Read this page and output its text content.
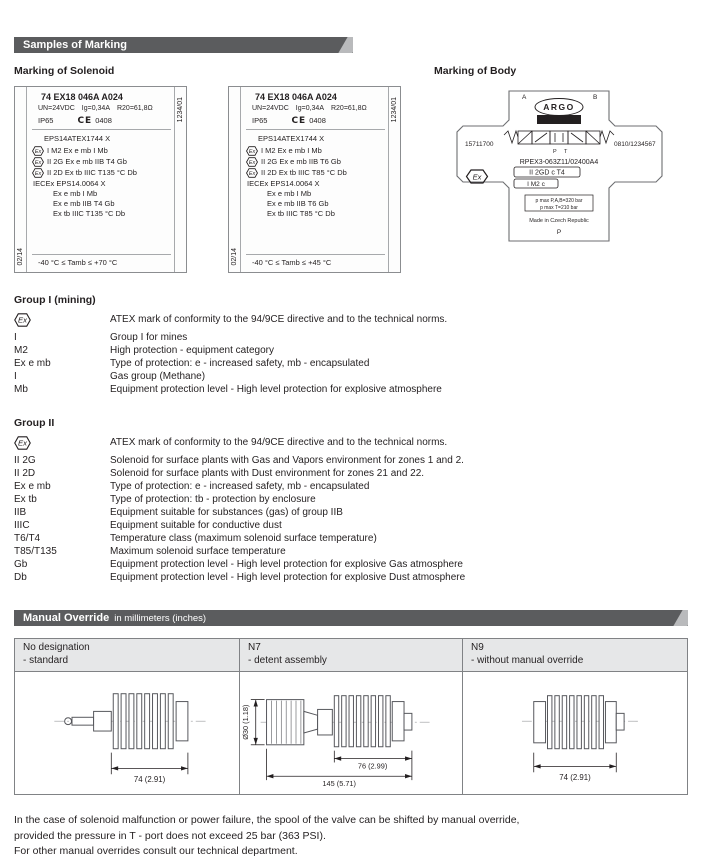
Samples of Marking
Marking of Solenoid	Marking of Body
02/14
74 EX18 046A A024
UN=24VDC Ig=0,34A R20=61,8Ω
IP65	CE 0408
EPS14ATEX1744 X
Ex I M2 Ex e mb I Mb
Ex II 2G Ex e mb IIB T4 Gb
Ex II 2D Ex tb IIIC T135 °C Db
IECEx EPS14.0064 X
Ex e mb I Mb
Ex e mb IIB T4 Gb
Ex tb IIIC T135 °C Db
-40 °C ≤ Tamb ≤ +70 °C
1234/01
02/14
74 EX18 046A A024
UN=24VDC Ig=0,34A R20=61,8Ω
IP65	CE 0408
EPS14ATEX1744 X
Ex I M2 Ex e mb I Mb
Ex II 2G Ex e mb IIB T6 Gb
Ex II 2D Ex tb IIIC T85 °C Db
IECEx EPS14.0064 X
Ex e mb I Mb
Ex e mb IIB T6 Gb
Ex tb IIIC T85 °C Db
-40 °C ≤ Tamb ≤ +45 °C
1234/01	A	B
ARGO
HYTOS
P T
15711700	0810/1234567
RPEX3-063Z11/02400A4
Ex	II 2GD c T4
I M2 c
p max P,A,B=320 bar
p max T=210 bar
Made in Czech Republic
P
Group I (mining)
Ex	ATEX mark of conformity to the 94/9CE directive and to the technical norms.
I	Group I for mines
M2	High protection - equipment category
Ex e mb	Type of protection: e - increased safety, mb - encapsulated
I	Gas group (Methane)
Mb	Equipment protection level - High level protection for explosive atmosphere
Group II
Ex	ATEX mark of conformity to the 94/9CE directive and to the technical norms.
II 2G	Solenoid for surface plants with Gas and Vapors environment for zones 1 and 2.
II 2D	Solenoid for surface plants with Dust environment for zones 21 and 22.
Ex e mb	Type of protection: e - increased safety, mb - encapsulated
Ex tb	Type of protection: tb - protection by enclosure
IIB	Equipment suitable for substances (gas) of group IIB
IIIC	Equipment suitable for conductive dust
T6/T4	Temperature class (maximum solenoid surface temperature)
T85/T135	Maximum solenoid surface temperature
Gb	Equipment protection level - High level protection for explosive Gas atmosphere
Db	Equipment protection level - High level protection for explosive Dust atmosphere
Manual Override in millimeters (inches)
No designation
- standard
N7
- detent assembly
N9
- without manual override
74 (2.91)
Ø30 (1.18)
76 (2.99)
145 (5.71)
74 (2.91)
In the case of solenoid malfunction or power failure, the spool of the valve can be shifted by manual override,
provided the pressure in T - port does not exceed 25 bar (363 PSI).
For other manual overrides consult our technical department.
